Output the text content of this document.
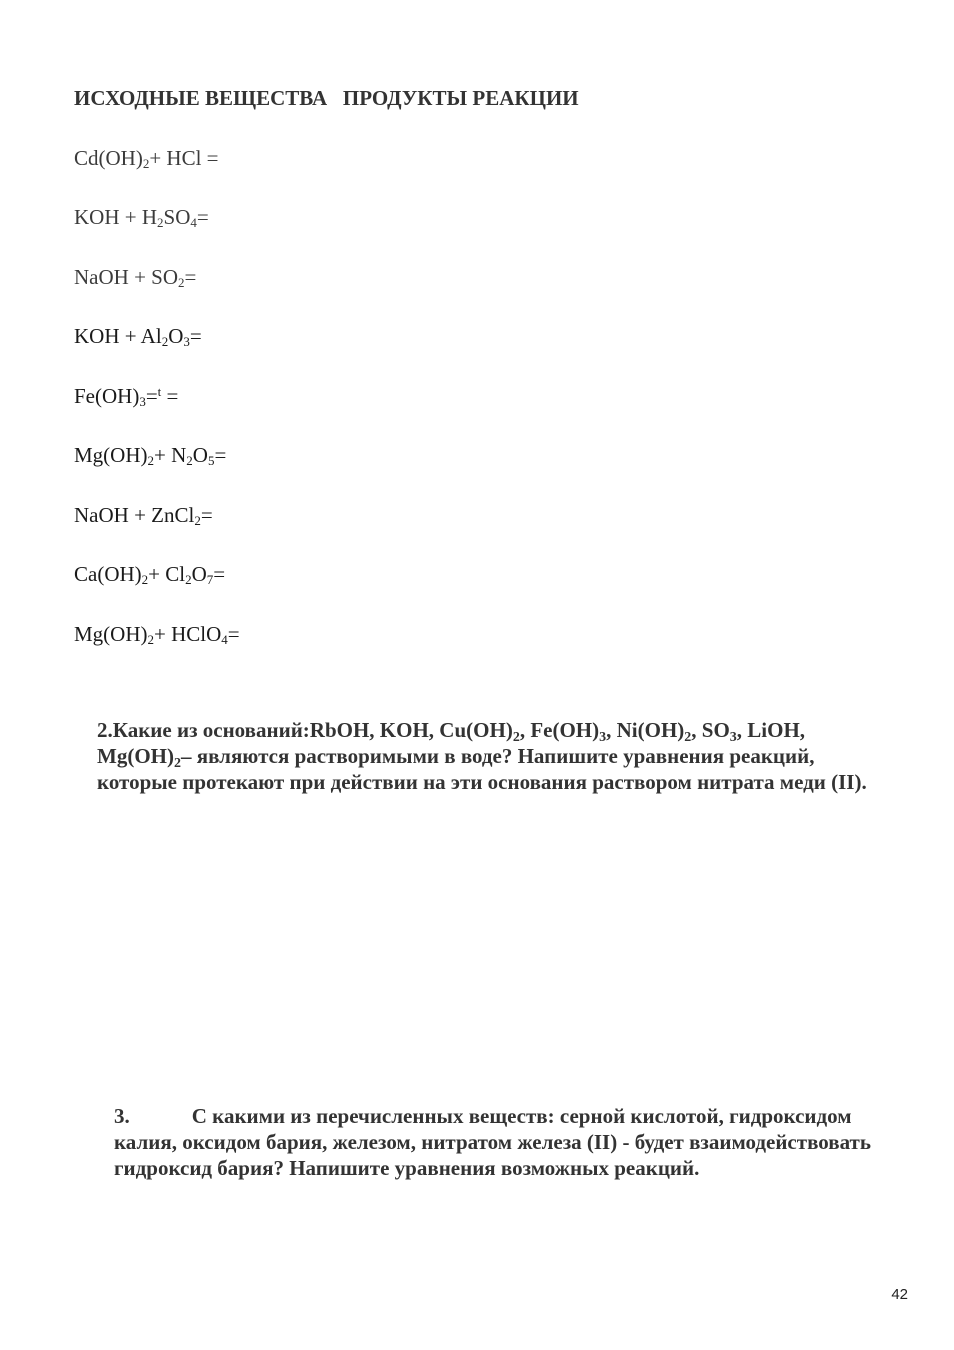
ИСХОДНЫЕ ВЕЩЕСТВА   ПРОДУКТЫ РЕАКЦИИ
$Cd(OH)_2+$ HCl =
KOH + $H_2SO_4=$
NaOH + $SO_2=$
KOH + $Al_2O_3=$
$Fe(OH)_3=^t$ =
$Mg(OH)_2+ N_2O_5=$
NaOH + ZnCl$_2$=
$Ca(OH)_2+ Cl_2O_7=$
$Mg(OH)_2+$ HClO$_4$=

2.Какие из оснований:RbOH, KOH, $Cu(OH)_2$, $Fe(OH)_3$, $Ni(OH)_2$, $SO_3$, LiOH, $Mg(OH)_2-$ являются растворимыми в воде? Напишите уравнения реакций, которые протекают при действии на эти основания раствором нитрата меди (II).

3.	С какими из перечисленных веществ: серной кислотой, гидроксидом калия, оксидом бария, железом, нитратом железа (II) - будет взаимодействовать гидроксид бария? Напишите уравнения возможных реакций.

42
